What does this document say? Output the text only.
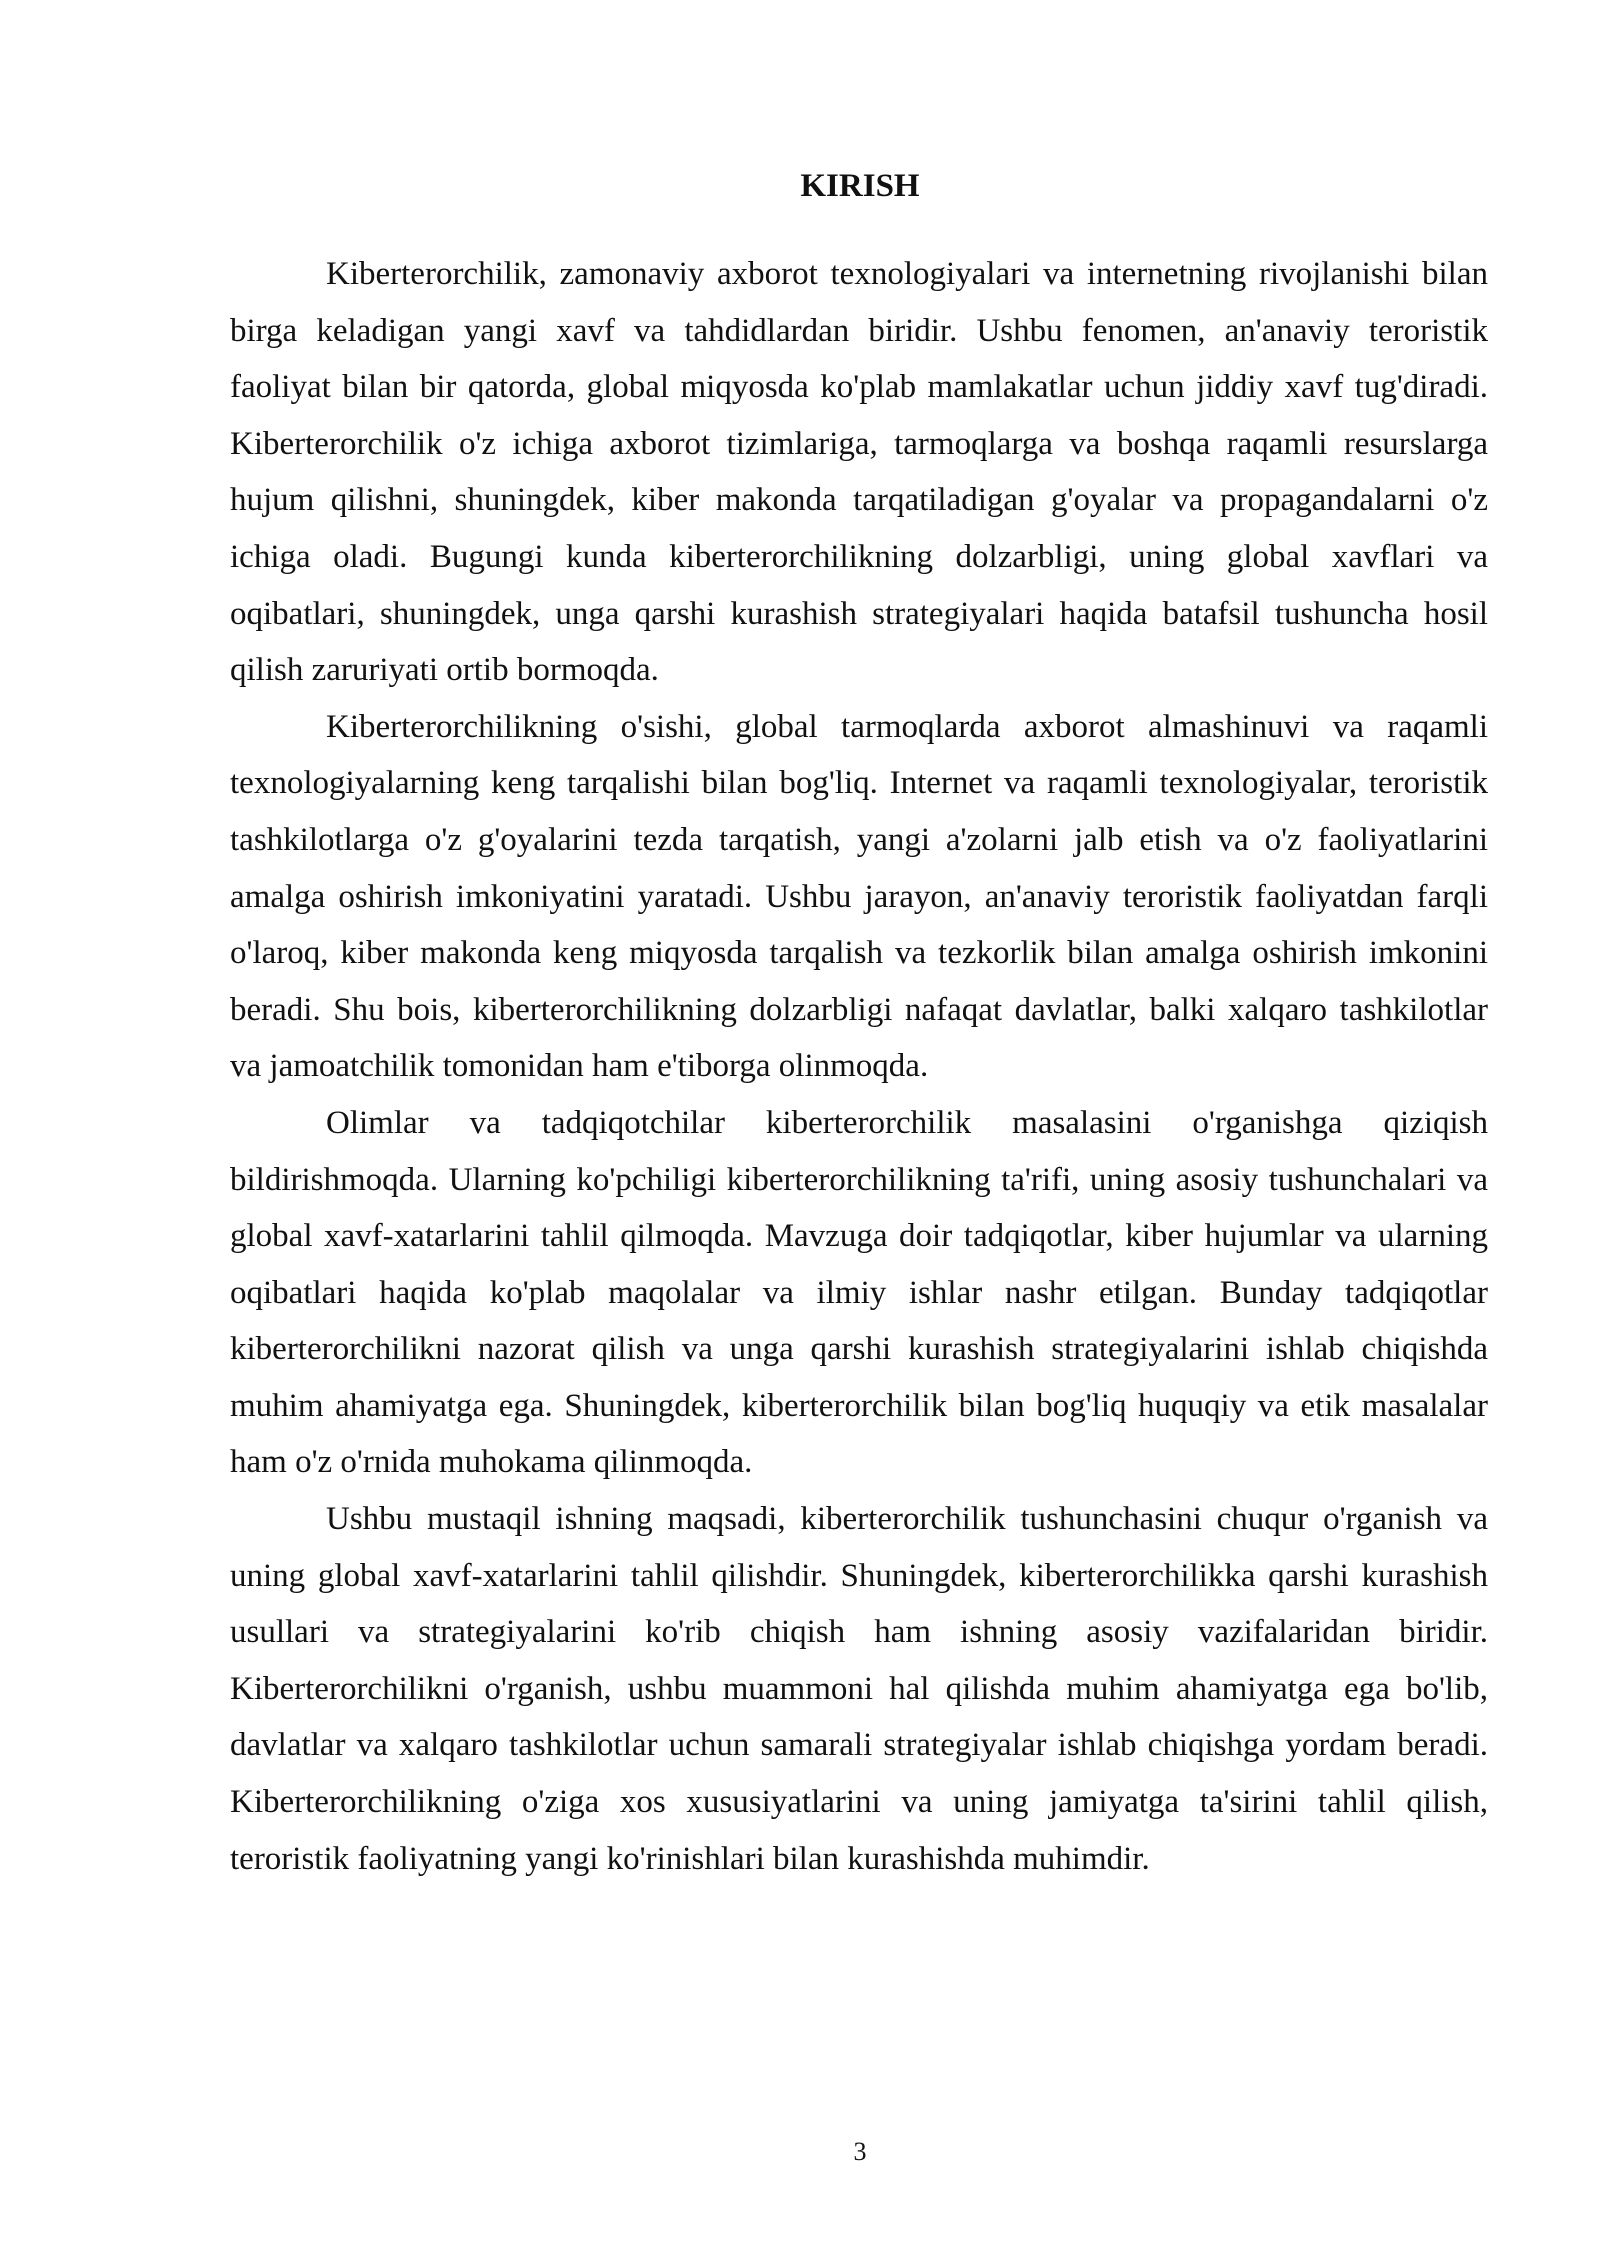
KIRISH

Kiberterorchilik, zamonaviy axborot texnologiyalari va internetning rivojlanishi bilan birga keladigan yangi xavf va tahdidlardan biridir. Ushbu fenomen, an'anaviy teroristik faoliyat bilan bir qatorda, global miqyosda ko'plab mamlakatlar uchun jiddiy xavf tug'diradi. Kiberterorchilik o'z ichiga axborot tizimlariga, tarmoqlarga va boshqa raqamli resurslarga hujum qilishni, shuningdek, kiber makonda tarqatiladigan g'oyalar va propagandalarni o'z ichiga oladi. Bugungi kunda kiberterorchilikning dolzarbligi, uning global xavflari va oqibatlari, shuningdek, unga qarshi kurashish strategiyalari haqida batafsil tushuncha hosil qilish zaruriyati ortib bormoqda.

Kiberterorchilikning o'sishi, global tarmoqlarda axborot almashinuvi va raqamli texnologiyalarning keng tarqalishi bilan bog'liq. Internet va raqamli texnologiyalar, teroristik tashkilotlarga o'z g'oyalarini tezda tarqatish, yangi a'zolarni jalb etish va o'z faoliyatlarini amalga oshirish imkoniyatini yaratadi. Ushbu jarayon, an'anaviy teroristik faoliyatdan farqli o'laroq, kiber makonda keng miqyosda tarqalish va tezkorlik bilan amalga oshirish imkonini beradi. Shu bois, kiberterorchilikning dolzarbligi nafaqat davlatlar, balki xalqaro tashkilotlar va jamoatchilik tomonidan ham e'tiborga olinmoqda.

Olimlar va tadqiqotchilar kiberterorchilik masalasini o'rganishga qiziqish bildirishmoqda. Ularning ko'pchiligi kiberterorchilikning ta'rifi, uning asosiy tushunchalari va global xavf-xatarlarini tahlil qilmoqda. Mavzuga doir tadqiqotlar, kiber hujumlar va ularning oqibatlari haqida ko'plab maqolalar va ilmiy ishlar nashr etilgan. Bunday tadqiqotlar kiberterorchilikni nazorat qilish va unga qarshi kurashish strategiyalarini ishlab chiqishda muhim ahamiyatga ega. Shuningdek, kiberterorchilik bilan bog'liq huquqiy va etik masalalar ham o'z o'rnida muhokama qilinmoqda.

Ushbu mustaqil ishning maqsadi, kiberterorchilik tushunchasini chuqur o'rganish va uning global xavf-xatarlarini tahlil qilishdir. Shuningdek, kiberterorchilikka qarshi kurashish usullari va strategiyalarini ko'rib chiqish ham ishning asosiy vazifalaridan biridir. Kiberterorchilikni o'rganish, ushbu muammoni hal qilishda muhim ahamiyatga ega bo'lib, davlatlar va xalqaro tashkilotlar uchun samarali strategiyalar ishlab chiqishga yordam beradi. Kiberterorchilikning o'ziga xos xususiyatlarini va uning jamiyatga ta'sirini tahlil qilish, teroristik faoliyatning yangi ko'rinishlari bilan kurashishda muhimdir.

3
